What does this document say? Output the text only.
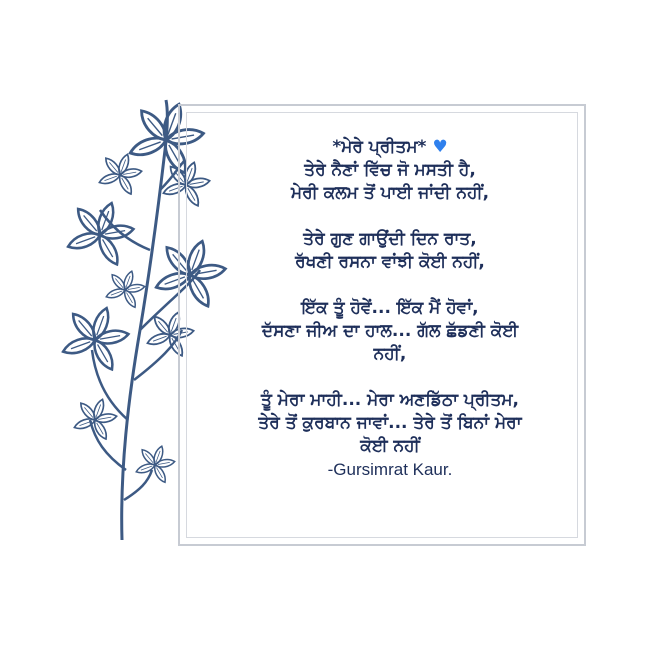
*ਮੇਰੇ ਪ੍ਰੀਤਮ* ♥
ਤੇਰੇ ਨੈਣਾਂ ਵਿੱਚ ਜੋ ਮਸਤੀ ਹੈ,
ਮੇਰੀ ਕਲਮ ਤੋਂ ਪਾਈ ਜਾਂਦੀ ਨਹੀਂ,
ਤੇਰੇ ਗੁਣ ਗਾਉਂਦੀ ਦਿਨ ਰਾਤ,
ਰੱਖਣੀ ਰਸਨਾ ਵਾਂਝੀ ਕੋਈ ਨਹੀਂ,
ਇੱਕ ਤੂੰ ਹੋਵੇਂ... ਇੱਕ ਮੈਂ ਹੋਵਾਂ,
ਦੱਸਣਾ ਜੀਅ ਦਾ ਹਾਲ... ਗੱਲ ਛੱਡਣੀ ਕੋਈ
ਨਹੀਂ,
ਤੂੰ ਮੇਰਾ ਮਾਹੀ... ਮੇਰਾ ਅਣਡਿੱਠਾ ਪ੍ਰੀਤਮ,
ਤੇਰੇ ਤੋਂ ਕੁਰਬਾਨ ਜਾਵਾਂ... ਤੇਰੇ ਤੋਂ ਬਿਨਾਂ ਮੇਰਾ
ਕੋਈ ਨਹੀਂ
-Gursimrat Kaur.
